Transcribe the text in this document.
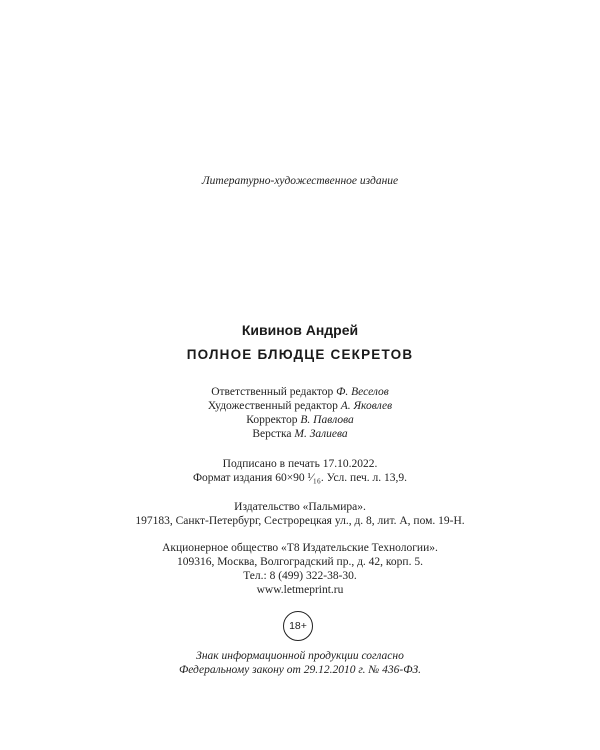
Литературно-художественное издание
Кивинов Андрей
ПОЛНОЕ БЛЮДЦЕ СЕКРЕТОВ
Ответственный редактор Ф. Веселов
Художественный редактор А. Яковлев
Корректор В. Павлова
Верстка М. Залиева
Подписано в печать 17.10.2022.
Формат издания 60×90 ¹⁄₁₆. Усл. печ. л. 13,9.
Издательство «Пальмира».
197183, Санкт-Петербург, Сестрорецкая ул., д. 8, лит. А, пом. 19-Н.
Акционерное общество «T8 Издательские Технологии».
109316, Москва, Волгоградский пр., д. 42, корп. 5.
Тел.: 8 (499) 322-38-30.
www.letmeprint.ru
18+
Знак информационной продукции согласно
Федеральному закону от 29.12.2010 г. № 436-ФЗ.
